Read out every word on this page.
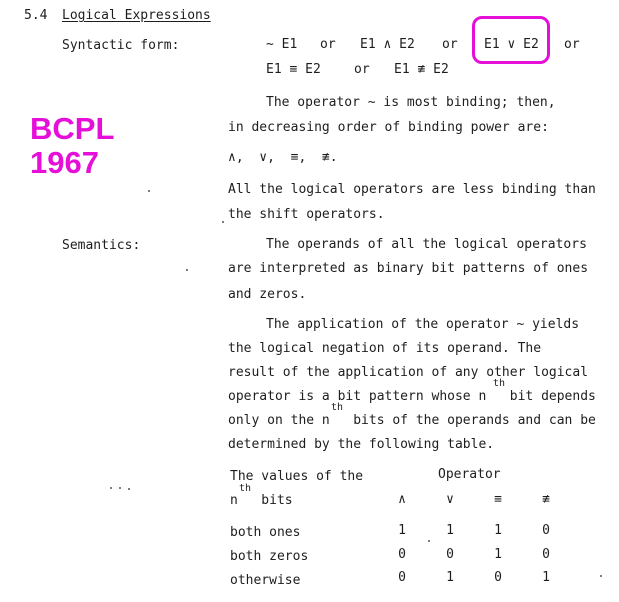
5.4 Logical Expressions
BCPL
1967
Syntactic form:	~ E1 or E1 ∧ E2 or E1 ∨ E2 or
E1 ≡ E2	or E1 ≢ E2
The operator ~ is most binding; then,
in decreasing order of binding power are:
∧,  ∨,  ≡,  ≢.
All the logical operators are less binding than
the shift operators.
Semantics:	The operands of all the logical operators
are interpreted as binary bit patterns of ones
and zeros.
The application of the operator ~ yields
the logical negation of its operand. The
result of the application of any other logical
operator is a bit pattern whose n   bit depends
th
only on the n   bits of the operands and can be
th
determined by the following table.
The values of the
n   bits
th
Operator
∧	∨	≡	≢
both ones	1	1	1	0
both zeros	0	0	1	0
otherwise	0	1	0	1
